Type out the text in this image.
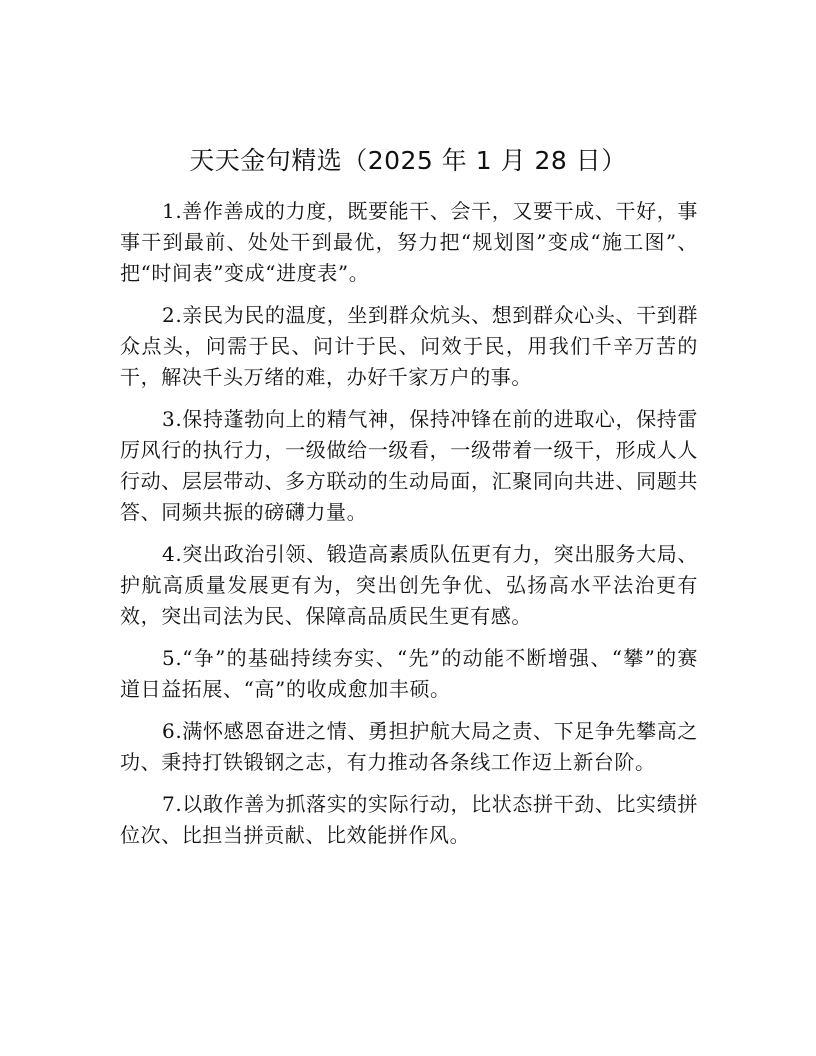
天天金句精选（2025 年 1 月 28 日）

1.善作善成的力度，既要能干、会干，又要干成、干好，事事干到最前、处处干到最优，努力把“规划图”变成“施工图”、把“时间表”变成“进度表”。

2.亲民为民的温度，坐到群众炕头、想到群众心头、干到群众点头，问需于民、问计于民、问效于民，用我们千辛万苦的干，解决千头万绪的难，办好千家万户的事。

3.保持蓬勃向上的精气神，保持冲锋在前的进取心，保持雷厉风行的执行力，一级做给一级看，一级带着一级干，形成人人行动、层层带动、多方联动的生动局面，汇聚同向共进、同题共答、同频共振的磅礴力量。

4.突出政治引领、锻造高素质队伍更有力，突出服务大局、护航高质量发展更有为，突出创先争优、弘扬高水平法治更有效，突出司法为民、保障高品质民生更有感。

5.“争”的基础持续夯实、“先”的动能不断增强、“攀”的赛道日益拓展、“高”的收成愈加丰硕。

6.满怀感恩奋进之情、勇担护航大局之责、下足争先攀高之功、秉持打铁锻钢之志，有力推动各条线工作迈上新台阶。

7.以敢作善为抓落实的实际行动，比状态拼干劲、比实绩拼位次、比担当拼贡献、比效能拼作风。
